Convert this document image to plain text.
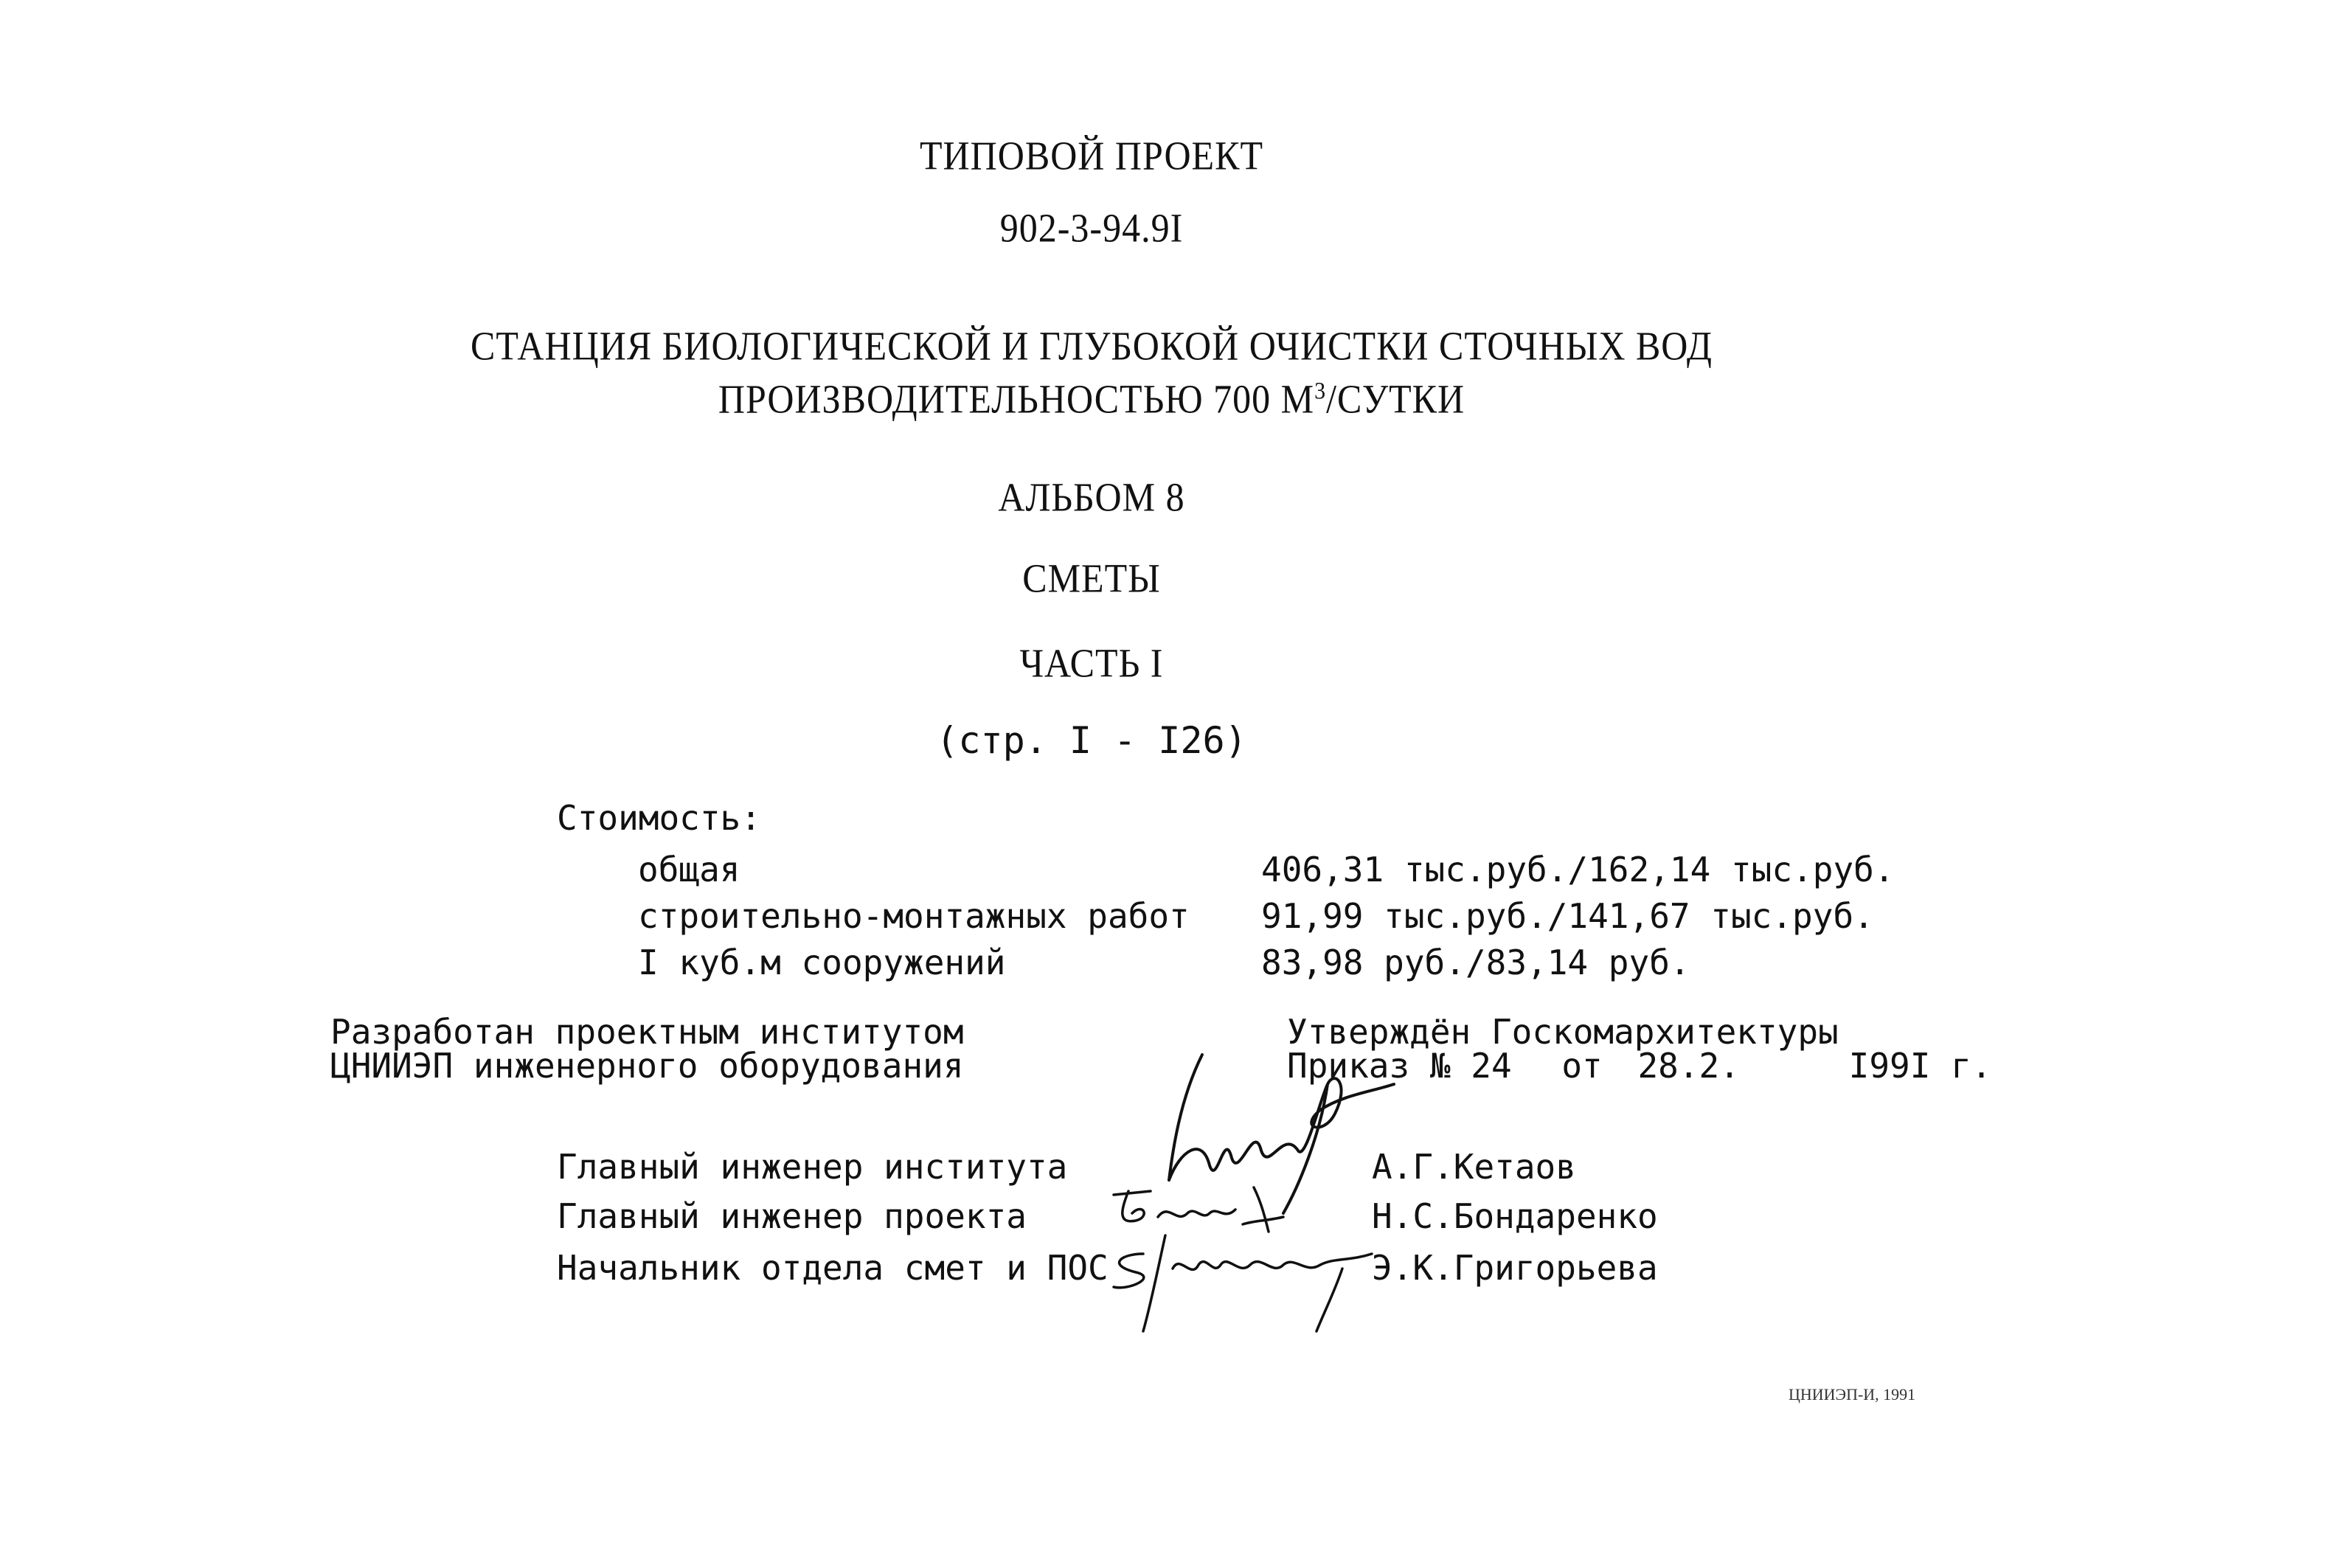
ТИПОВОЙ ПРОЕКТ
902-3-94.9I
СТАНЦИЯ БИОЛОГИЧЕСКОЙ И ГЛУБОКОЙ ОЧИСТКИ СТОЧНЫХ ВОД
ПРОИЗВОДИТЕЛЬНОСТЬЮ 700 $М^3$/СУТКИ
АЛЬБОМ 8
СМЕТЫ
ЧАСТЬ I
(стр. I - I26)
Стоимость:
общая	406,31 тыс.руб./162,14 тыс.руб.
строительно-монтажных работ 91,99 тыс.руб./141,67 тыс.руб.
I куб.м сооружений	83,98 руб./83,14 руб.
Разработан проектным институтом
ЦНИИЭП инженерного оборудования
Утверждён Госкомархитектуры
Приказ № 24 от 28.2.	I99I г.
Главный инженер института	А.Г.Кетаов
Главный инженер проекта	Н.С.Бондаренко
Начальник отдела смет и ПОС	Э.К.Григорьева
ЦНИИЭП-И, 1991
